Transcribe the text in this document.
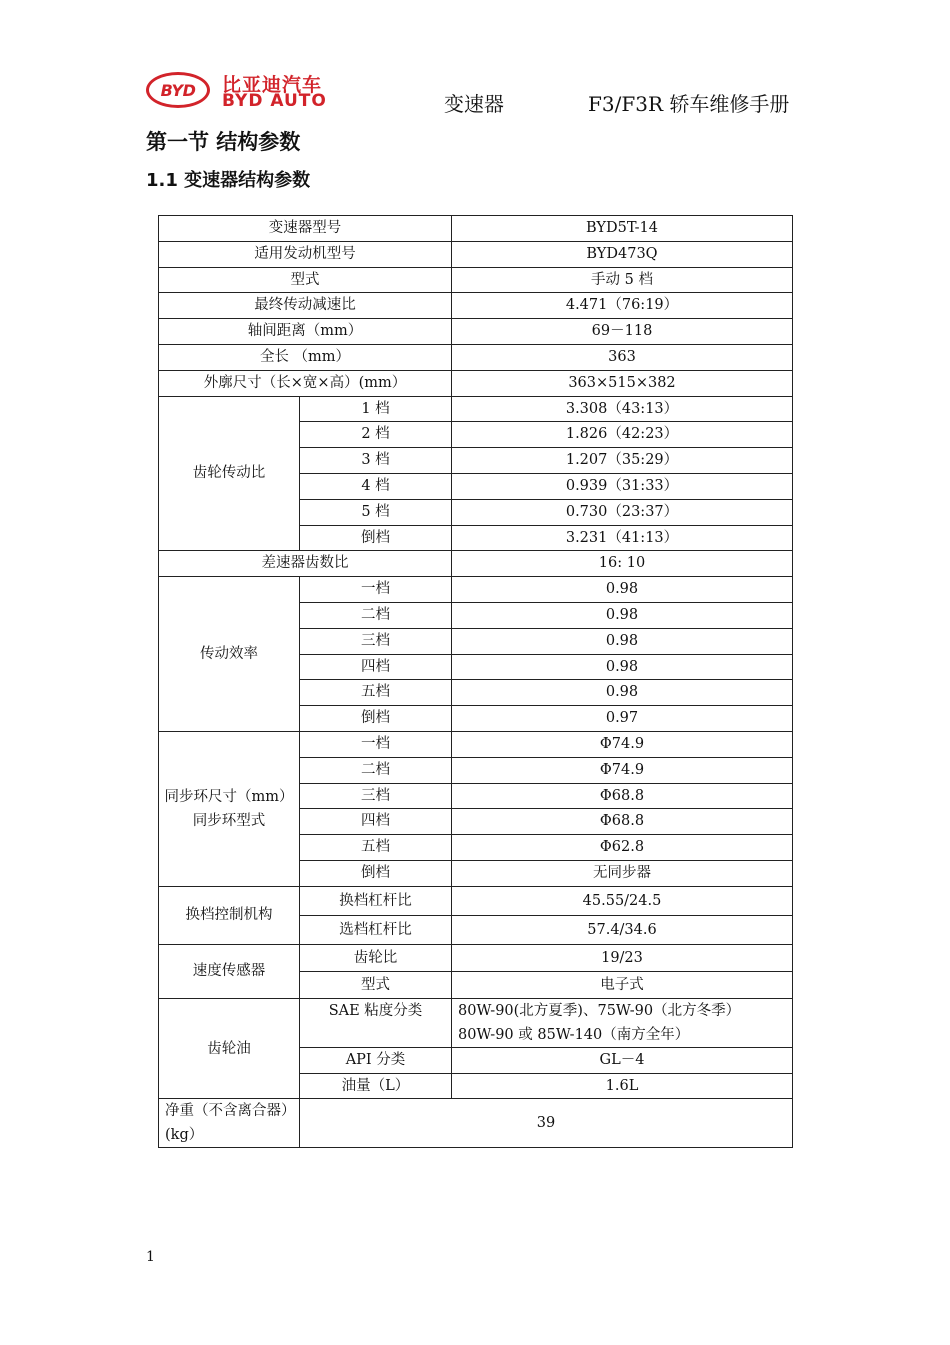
BYD	比亚迪汽车
BYD AUTO	变速器	F3/F3R 轿车维修手册
第一节 结构参数
1.1 变速器结构参数
变速器型号		BYD5T-14
适用发动机型号		BYD473Q
型式		手动 5 档
最终传动减速比		4.471（76:19）
轴间距离（mm）		69－118
全长 （mm）		363
外廓尺寸（长×宽×高）(mm）		363×515×382
齿轮传动比	1 档	3.308（43:13）
	2 档	1.826（42:23）
	3 档	1.207（35:29）
	4 档	0.939（31:33）
	5 档	0.730（23:37）
	倒档	3.231（41:13）
差速器齿数比		16: 10
传动效率	一档	0.98
	二档	0.98
	三档	0.98
	四档	0.98
	五档	0.98
	倒档	0.97

同步环尺寸（mm）
同步环型式	一档	Φ74.9
	二档	Φ74.9
	三档	Φ68.8
	四档	Φ68.8
	五档	Φ62.8
	倒档	无同步器
换档控制机构	换档杠杆比	45.55/24.5
	选档杠杆比	57.4/34.6
速度传感器	齿轮比	19/23
	型式	电子式
齿轮油	SAE 粘度分类	80W-90(北方夏季)、75W-90（北方冬季）
80W-90 或 85W-140（南方全年）

	API 分类	GL－4
	油量（L）	1.6L
净重（不含离合器）(kg）	39	
1
